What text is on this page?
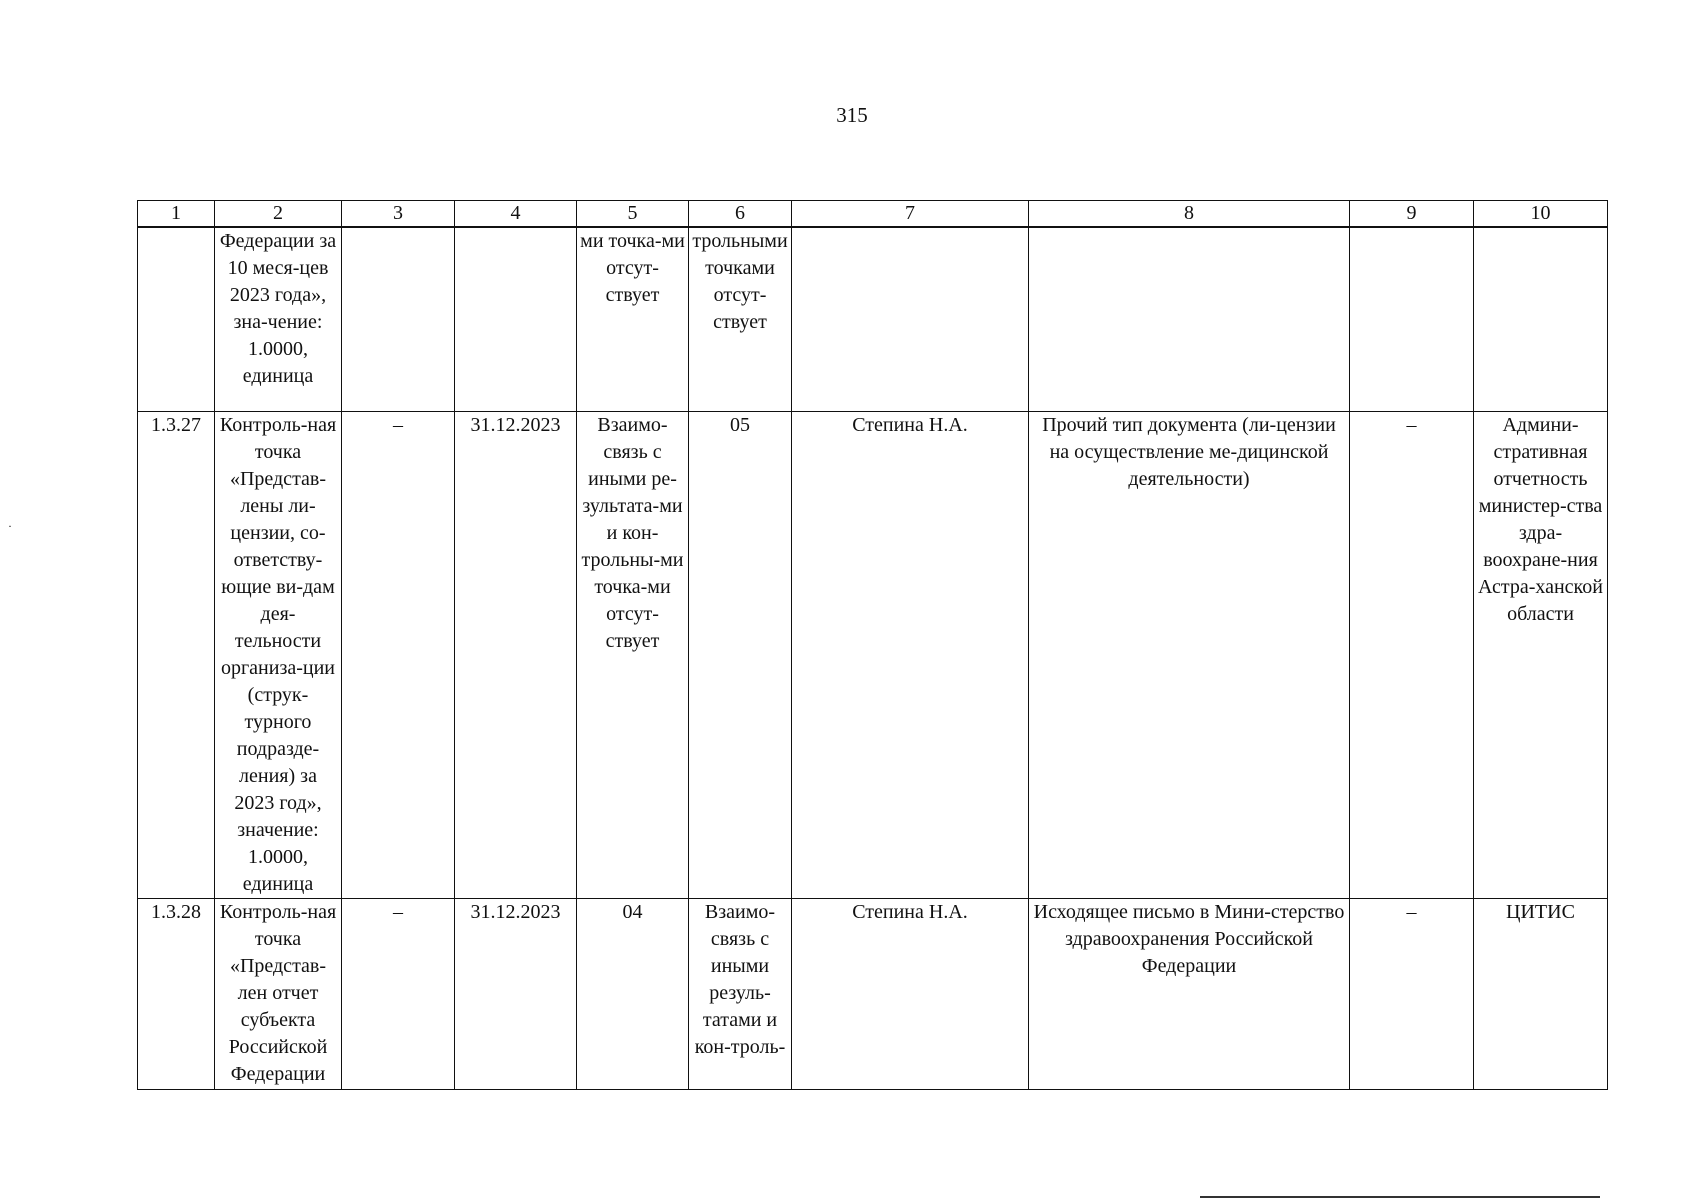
315
1	2	3	4	5	6	7	8	9	10
	Федерации за 10 меся-цев 2023 года», зна-чение: 1.0000, единица			ми точка-ми отсут-ствует	трольными точками отсут-ствует				
1.3.27	Контроль-ная точка «Представ-лены ли-цензии, со-ответству-ющие ви-дам дея-тельности организа-ции (струк-турного подразде-ления) за 2023 год», значение: 1.0000, единица	–	31.12.2023	Взаимо-связь с иными ре-зультата-ми и кон-трольны-ми точка-ми отсут-ствует	05	Степина Н.А.	Прочий тип документа (ли-цензии на осуществление ме-дицинской деятельности)	–	Админи-стративная отчетность министер-ства здра-воохране-ния Астра-ханской области
1.3.28	Контроль-ная точка «Представ-лен отчет субъекта Российской Федерации	–	31.12.2023	04	Взаимо-связь с иными резуль-татами и кон-троль-	Степина Н.А.	Исходящее письмо в Мини-стерство здравоохранения Российской Федерации	–	ЦИТИС
·
